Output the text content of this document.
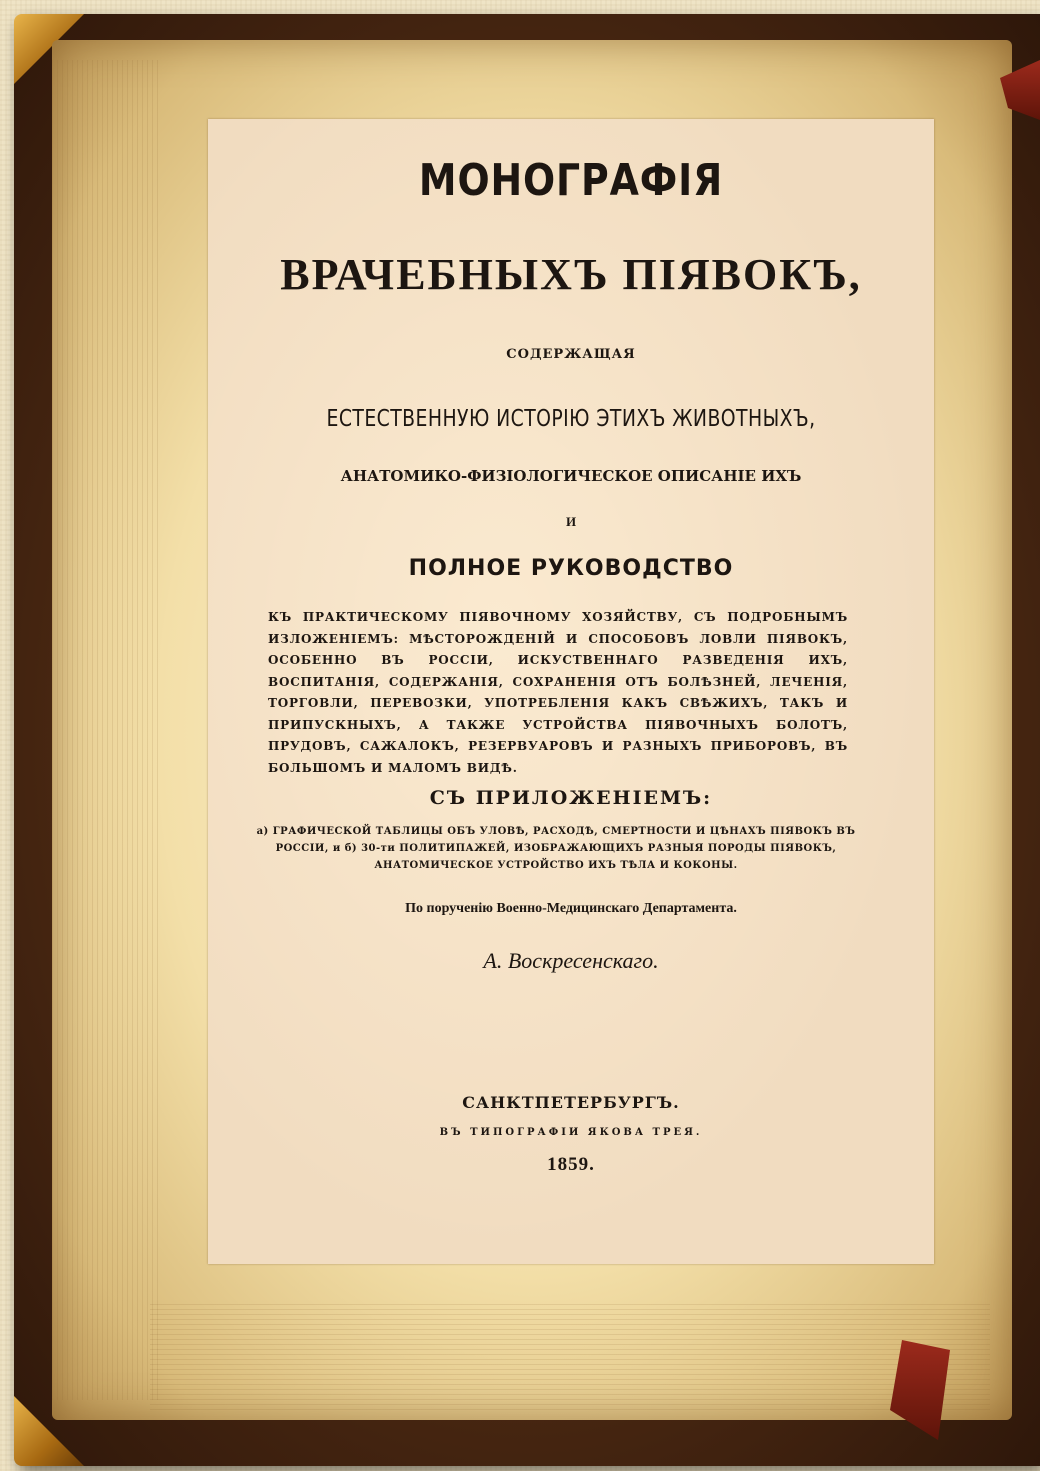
МОНОГРАФІЯ
ВРАЧЕБНЫХЪ ПІЯВОКЪ,

СОДЕРЖАЩАЯ

ЕСТЕСТВЕННУЮ ИСТОРІЮ ЭТИХЪ ЖИВОТНЫХЪ,

АНАТОМИКО-ФИЗІОЛОГИЧЕСКОЕ ОПИСАНІЕ ИХЪ

И

ПОЛНОЕ РУКОВОДСТВО

КЪ ПРАКТИЧЕСКОМУ ПІЯВОЧНОМУ ХОЗЯЙСТВУ, СЪ ПОДРОБНЫМЪ ИЗЛОЖЕНІЕМЪ: МѢСТОРОЖДЕНІЙ И СПОСОБОВЪ ЛОВЛИ ПІЯВОКЪ, ОСОБЕННО ВЪ РОССІИ, ИСКУСТВЕННАГО РАЗВЕДЕНІЯ ИХЪ, ВОСПИТАНІЯ, СОДЕРЖАНІЯ, СОХРАНЕНІЯ ОТЪ БОЛѢЗНЕЙ, ЛЕЧЕНІЯ, ТОРГОВЛИ, ПЕРЕВОЗКИ, УПОТРЕБЛЕНІЯ КАКЪ СВѢЖИХЪ, ТАКЪ И ПРИПУСКНЫХЪ, А ТАКЖЕ УСТРОЙСТВА ПІЯВОЧНЫХЪ БОЛОТЪ, ПРУДОВЪ, САЖАЛОКЪ, РЕЗЕРВУАРОВЪ И РАЗНЫХЪ ПРИБОРОВЪ, ВЪ БОЛЬШОМЪ И МАЛОМЪ ВИДѢ.

СЪ ПРИЛОЖЕНІЕМЪ:

а) ГРАФИЧЕСКОЙ ТАБЛИЦЫ ОБЪ УЛОВѢ, РАСХОДѢ, СМЕРТНОСТИ И ЦѢНАХЪ ПІЯВОКЪ ВЪ РОССІИ, и б) 30-ти ПОЛИТИПАЖЕЙ, ИЗОБРАЖАЮЩИХЪ РАЗНЫЯ ПОРОДЫ ПІЯВОКЪ, АНАТОМИЧЕСКОЕ УСТРОЙСТВО ИХЪ ТѢЛА И КОКОНЫ.

По порученію Военно-Медицинскаго Департамента.

А. Воскресенскаго.

САНКТПЕТЕРБУРГЪ.

ВЪ ТИПОГРАФІИ ЯКОВА ТРЕЯ.

1859.
